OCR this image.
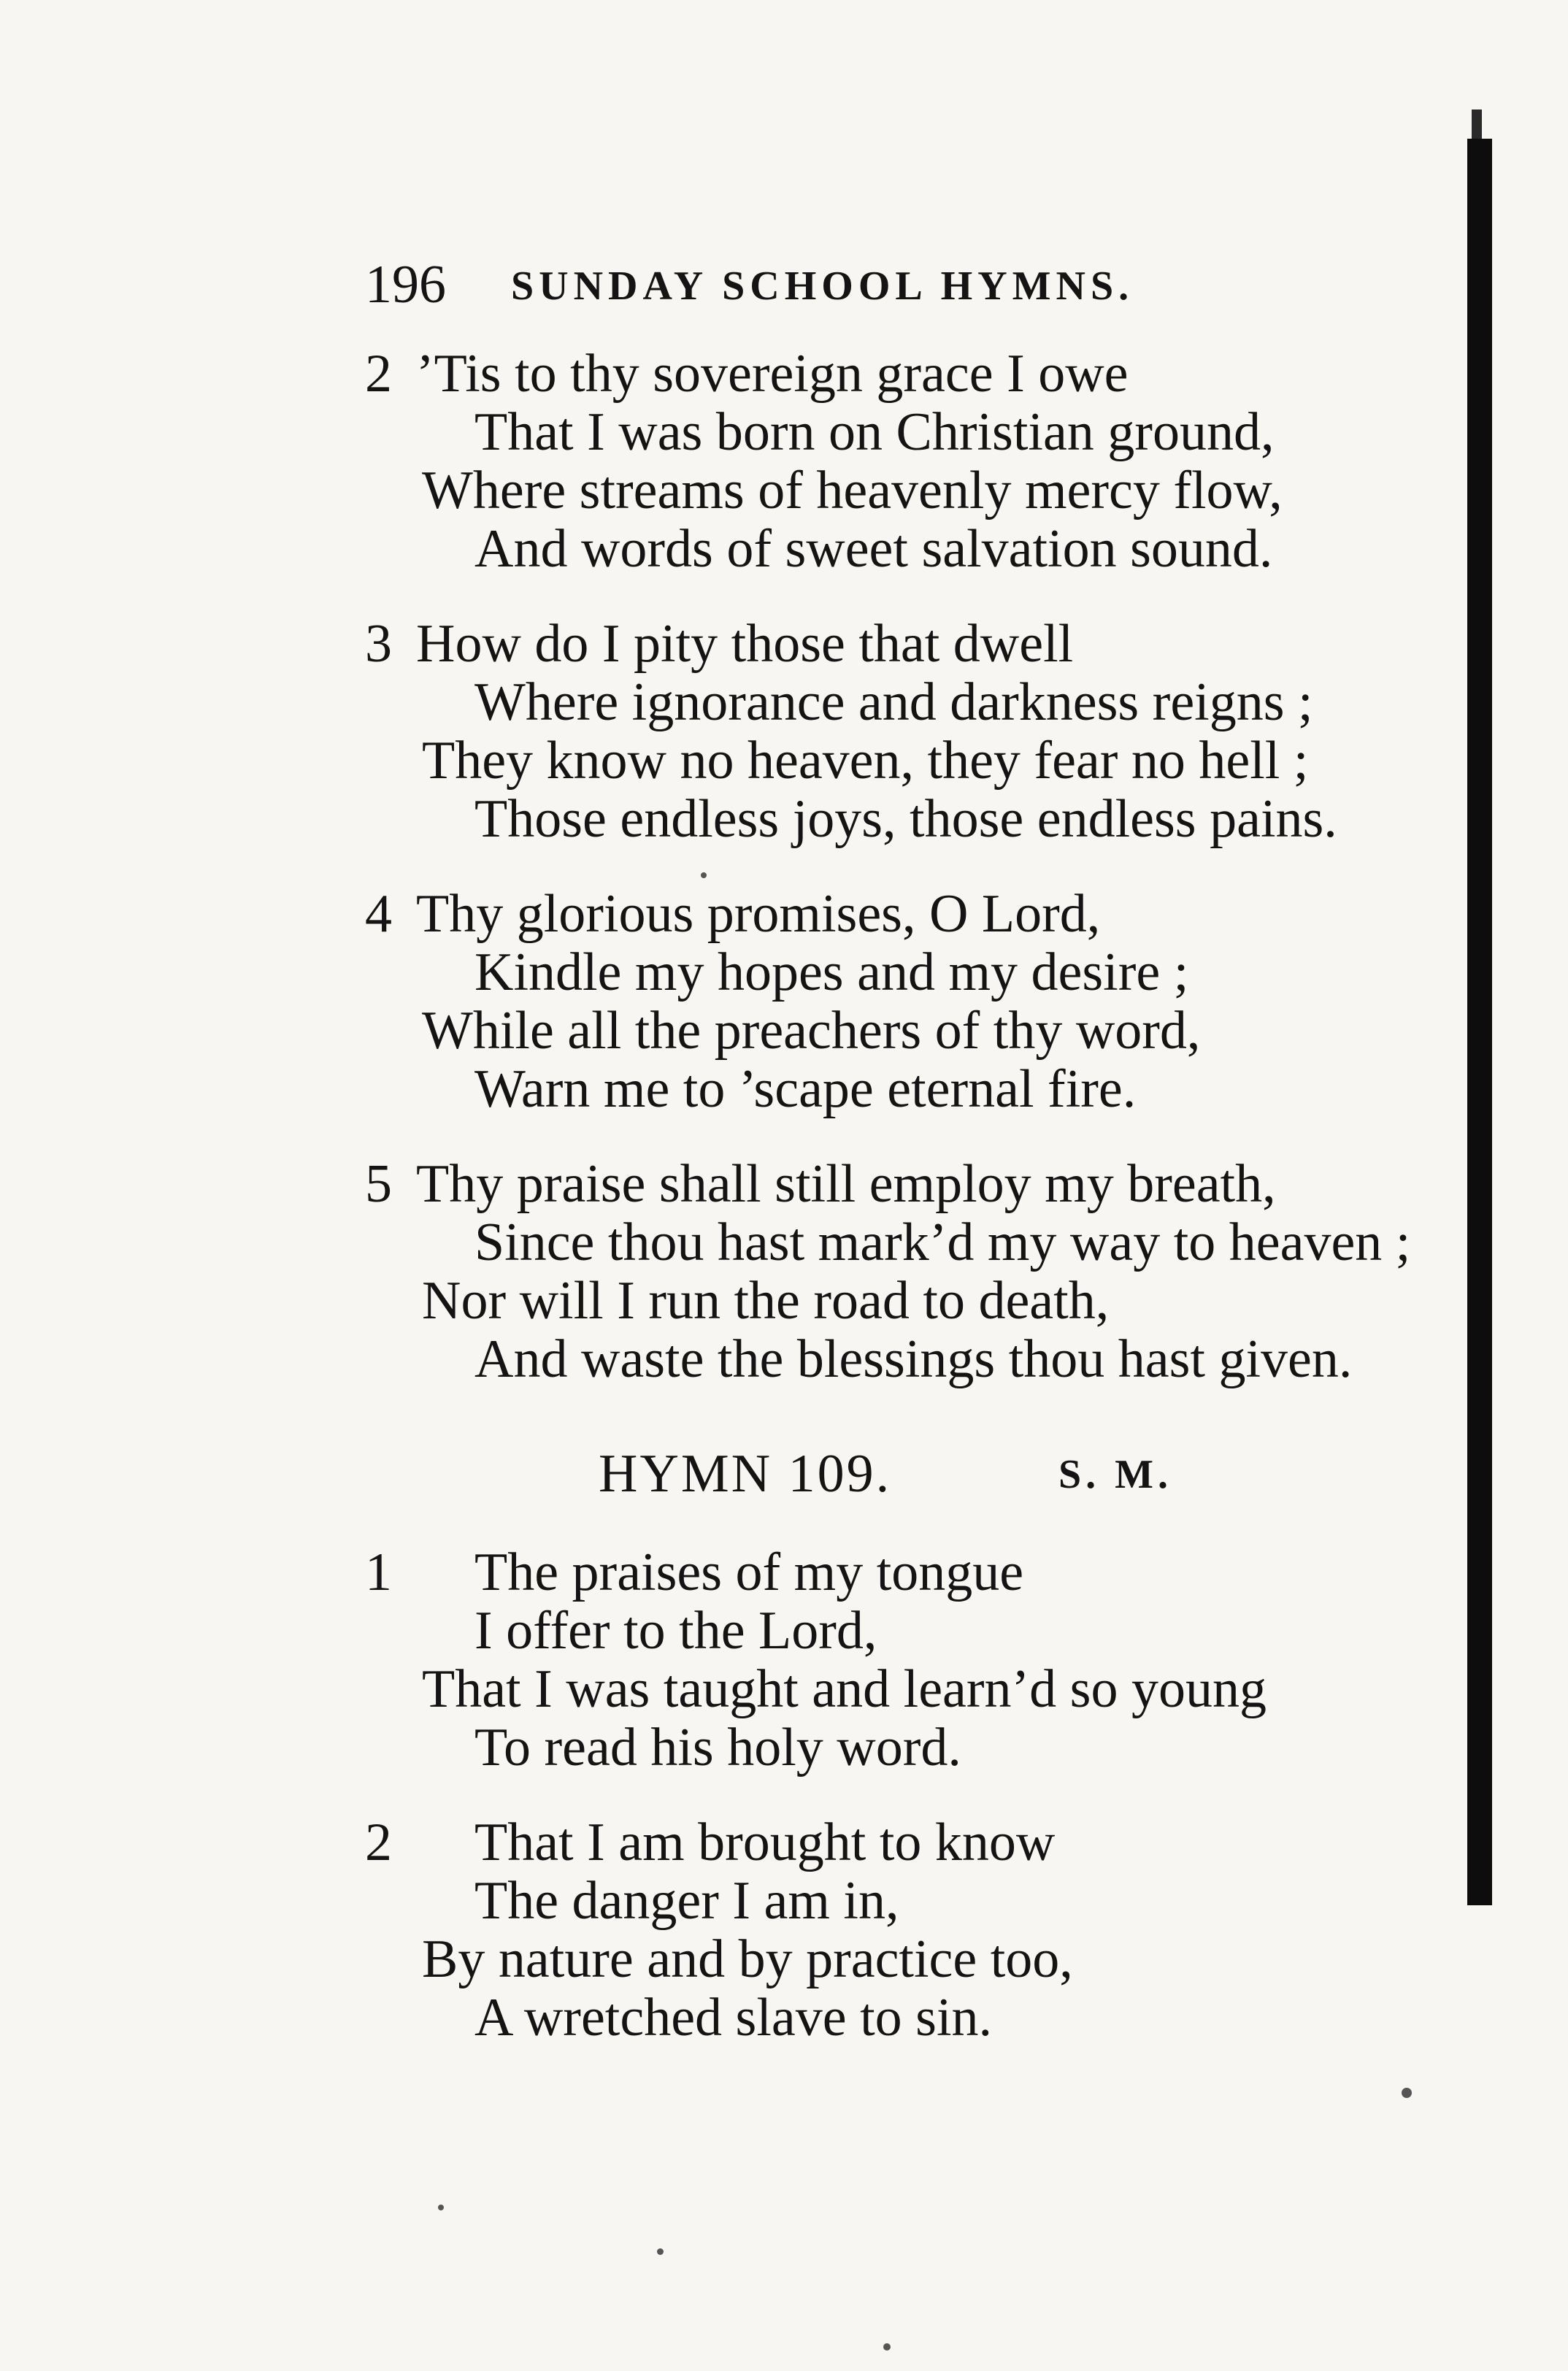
196 SUNDAY SCHOOL HYMNS.
2 ’Tis to thy sovereign grace I owe
That I was born on Christian ground,
Where streams of heavenly mercy flow,
And words of sweet salvation sound.
3 How do I pity those that dwell
Where ignorance and darkness reigns ;
They know no heaven, they fear no hell ;
Those endless joys, those endless pains.
4 Thy glorious promises, O Lord,
Kindle my hopes and my desire ;
While all the preachers of thy word,
Warn me to ’scape eternal fire.
5 Thy praise shall still employ my breath,
Since thou hast mark’d my way to heaven ;
Nor will I run the road to death,
And waste the blessings thou hast given.
HYMN 109.	S. M.
1 The praises of my tongue
I offer to the Lord,
That I was taught and learn’d so young
To read his holy word.
2 That I am brought to know
The danger I am in,
By nature and by practice too,
A wretched slave to sin.
